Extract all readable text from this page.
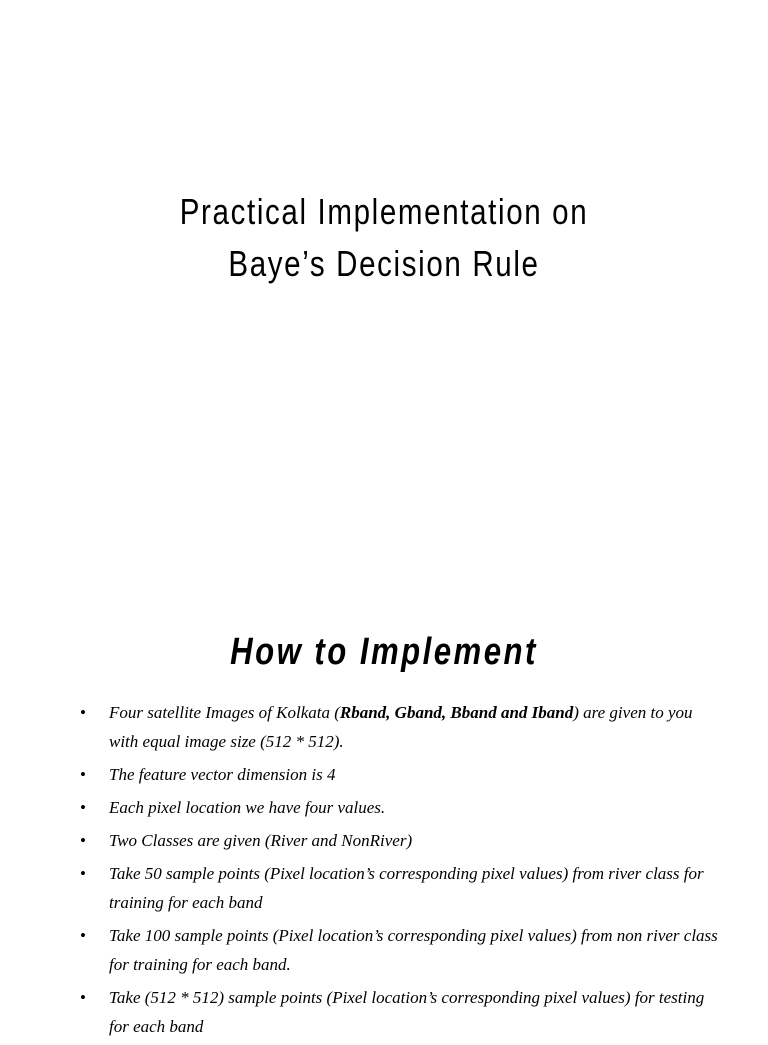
Practical Implementation on
Baye’s Decision Rule
How to Implement
• Four satellite Images of Kolkata (Rband, Gband, Bband and Iband) are given to you with equal image size (512 * 512).
• The feature vector dimension is 4
• Each pixel location we have four values.
• Two Classes are given (River and NonRiver)
• Take 50 sample points (Pixel location’s corresponding pixel values) from river class for training for each band
• Take 100 sample points (Pixel location’s corresponding pixel values) from non river class for training for each band.
• Take (512 * 512) sample points (Pixel location’s corresponding pixel values) for testing for each band
